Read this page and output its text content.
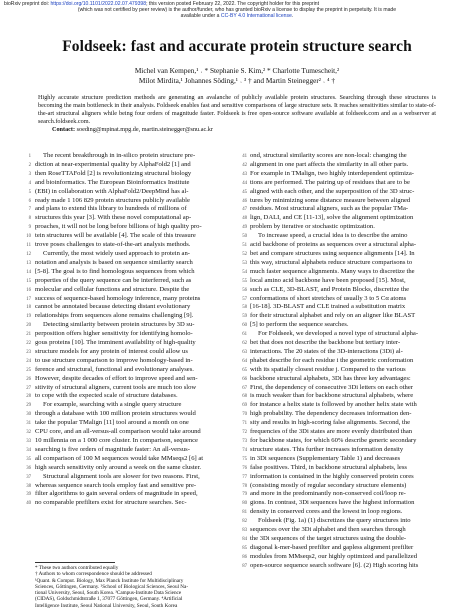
bioRxiv preprint doi: https://doi.org/10.1101/2022.02.07.479398; this version posted February 22, 2022. The copyright holder for this preprint
(which was not certified by peer review) is the author/funder, who has granted bioRxiv a license to display the preprint in perpetuity. It is made
available under a CC-BY 4.0 International license.
Foldseek: fast and accurate protein structure search
Michel van Kempen,¹ ˒ * Stephanie S. Kim,² * Charlotte Tumescheit,²
Milot Mirdita,¹ Johannes Söding,¹ ˒ ³ † and Martin Steinegger² ˒ ⁴ †

Highly accurate structure prediction methods are generating an avalanche of publicly available protein structures. Searching through these structures is becoming the main bottleneck in their analysis. Foldseek enables fast and sensitive comparisons of large structure sets. It reaches sensitivities similar to state-of-the-art structural aligners while being four orders of magnitude faster. Foldseek is free open-source software available at foldseek.com and as a webserver at search.foldseek.com.

Contact: soeding@mpinat.mpg.de, martin.steinegger@snu.ac.kr

1 The recent breakthrough in in-silico protein structure pre-
2 diction at near-experimental quality by AlphaFold2 [1] and
3 then RoseTTAFold [2] is revolutionizing structural biology
4 and bioinformatics. The European Bioinformatics Institute
5 (EBI) in collaboration with AlphaFold2/DeepMind has al-
6 ready made 1 106 829 protein structures publicly available
7 and plans to extend this library to hundreds of millions of
8 structures this year [3]. With these novel computational ap-
9 proaches, it will not be long before billions of high quality pro-
10 tein structures will be available [4]. The scale of this treasure
11 trove poses challenges to state-of-the-art analysis methods.
12 Currently, the most widely used approach to protein an-
13 notation and analysis is based on sequence similarity search
14 [5-8]. The goal is to find homologous sequences from which
15 properties of the query sequence can be interferred, such as
16 molecular and cellular functions and structure. Despite the
17 success of sequence-based homology inference, many proteins
18 cannot be annotated because detecting distant evolutionary
19 relationships from sequences alone remains challenging [9].
20 Detecting similarity between protein structures by 3D su-
21 perposition offers higher sensitivity for identifying homolo-
22 gous proteins [10]. The imminent availability of high-quality
23 structure models for any protein of interest could allow us
24 to use structure comparison to improve homology-based in-
25 ference and structural, functional and evolutionary analyses.
26 However, despite decades of effort to improve speed and sen-
27 sitivity of structural aligners, current tools are much too slow
28 to cope with the expected scale of structure databases.
29 For example, searching with a single query structure
30 through a database with 100 million protein structures would
31 take the popular TMalign [11] tool around a month on one
32 CPU core, and an all-versus-all comparison would take around
33 10 millennia on a 1 000 core cluster. In comparison, sequence
34 searching is five orders of magnitude faster: An all-versus-
35 all comparison of 100 M sequences would take MMseqs2 [6] at
36 high search sensitivity only around a week on the same cluster.
37 Structural alignment tools are slower for two reasons. First,
38 whereas sequence search tools employ fast and sensitive pre-
39 filter algorithms to gain several orders of magnitude in speed,
40 no comparable prefilters exist for structure searches. Sec-
41 ond, structural similarity scores are non-local: changing the
42 alignment in one part affects the similarity in all other parts.
43 For example in TMalign, two highly interdependent optimiza-
44 tions are performed. The pairing up of residues that are to be
45 aligned with each other, and the superposition of the 3D struc-
46 tures by minimizing some distance measure between aligned
47 residues. Most structural aligners, such as the popular TMa-
48 lign, DALI, and CE [11-13], solve the alignment optimization
49 problem by iterative or stochastic optimization.
50 To increase speed, a crucial idea is to describe the amino
51 acid backbone of proteins as sequences over a structural alpha-
52 bet and compare structures using sequence alignments [14]. In
53 this way, structural alphabets reduce structure comparisons to
54 much faster sequence alignments. Many ways to discretize the
55 local amino acid backbone have been proposed [15]. Most,
56 such as CLE, 3D-BLAST, and Protein Blocks, discretize the
57 conformations of short stretches of usually 3 to 5 Cα atoms
58 [16-18]. 3D-BLAST and CLE trained a substitution matrix
59 for their structural alphabet and rely on an aligner like BLAST
60 [5] to perform the sequence searches.
61 For Foldseek, we developed a novel type of structural alpha-
62 bet that does not describe the backbone but tertiary inter-
63 interactions. The 20 states of the 3D-interactions (3Di) al-
64 phabet describe for each residue i the geometric conformation
65 with its spatially closest residue j. Compared to the various
66 backbone structural alphabets, 3Di has three key advantages:
67 First, the dependency of consecutive 3Di letters on each other
68 is much weaker than for backbone structural alphabets, where
69 for instance a helix state is followed by another helix state with
70 high probability. The dependency decreases information den-
71 sity and results in high-scoring false alignments. Second, the
72 frequencies of the 3Di states are more evenly distributed than
73 for backbone states, for which 60% describe generic secondary
74 structure states. This further increases information density
75 in 3Di sequences (Supplementary Table 1) and decreases
76 false positives. Third, in backbone structural alphabets, less
77 information is contained in the highly conserved protein cores
78 (consisting mostly of regular secondary structure elements)
79 and more in the predominantly non-conserved coil/loop re-
80 gions. In contrast, 3Di sequences have the highest information
81 density in conserved cores and the lowest in loop regions.
82 Foldseek (Fig. 1a) (1) discretizes the query structures into
83 sequences over the 3Di alphabet and then searches through
84 the 3Di sequences of the target structures using the double-
85 diagonal k-mer-based prefilter and gapless alignment prefilter
86 modules from MMseqs2, our highly optimized and parallelized
87 open-source sequence search software [6]. (2) High scoring hits
* These two authors contributed equally
† Authors to whom correspondence should be addressed
¹Quant. & Comput. Biology, Max Planck Institute for Multidisciplinary
Sciences, Göttingen, Germany. ²School of Biological Sciences, Seoul Na-
tional University, Seoul, South Korea. ³Campus-Institute Data Science
(CIDAS), Goldschmidtstraße 1, 37077 Göttingen, Germany. ⁴Artificial
Intelligence Institute, Seoul National University, Seoul, South Korea
